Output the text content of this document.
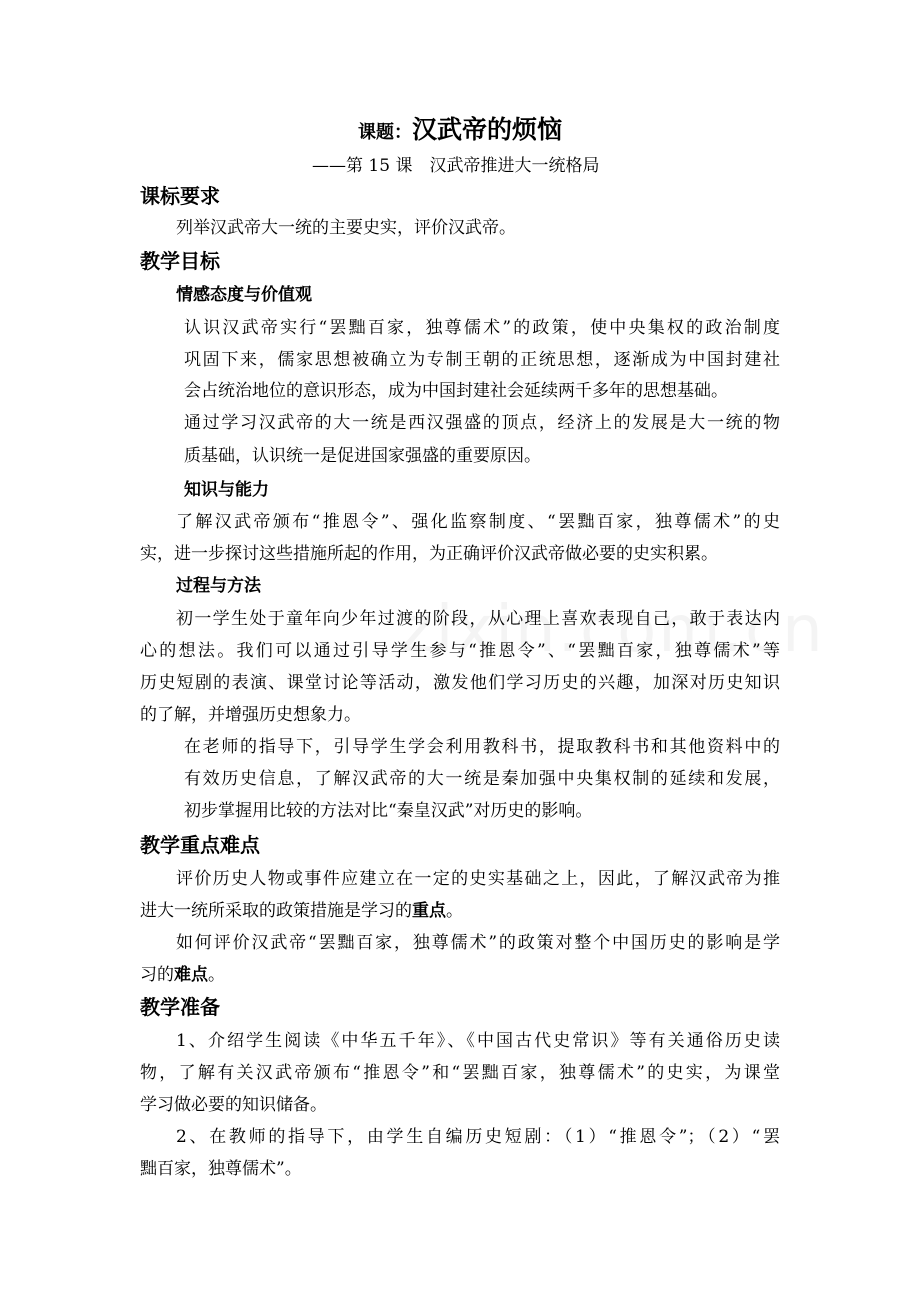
课题：汉武帝的烦恼
——第 15 课　汉武帝推进大一统格局
课标要求
列举汉武帝大一统的主要史实，评价汉武帝。
教学目标
情感态度与价值观
认识汉武帝实行“罢黜百家，独尊儒术”的政策，使中央集权的政治制度
巩固下来，儒家思想被确立为专制王朝的正统思想，逐渐成为中国封建社
会占统治地位的意识形态，成为中国封建社会延续两千多年的思想基础。
通过学习汉武帝的大一统是西汉强盛的顶点，经济上的发展是大一统的物
质基础，认识统一是促进国家强盛的重要原因。
知识与能力
了解汉武帝颁布“推恩令”、强化监察制度、“罢黜百家，独尊儒术”的史
实，进一步探讨这些措施所起的作用，为正确评价汉武帝做必要的史实积累。
过程与方法
初一学生处于童年向少年过渡的阶段，从心理上喜欢表现自己，敢于表达内
心的想法。我们可以通过引导学生参与“推恩令”、“罢黜百家，独尊儒术”等
历史短剧的表演、课堂讨论等活动，激发他们学习历史的兴趣，加深对历史知识
的了解，并增强历史想象力。
在老师的指导下，引导学生学会利用教科书，提取教科书和其他资料中的
有效历史信息，了解汉武帝的大一统是秦加强中央集权制的延续和发展，
初步掌握用比较的方法对比“秦皇汉武”对历史的影响。
教学重点难点
评价历史人物或事件应建立在一定的史实基础之上，因此，了解汉武帝为推
进大一统所采取的政策措施是学习的重点。
如何评价汉武帝“罢黜百家，独尊儒术”的政策对整个中国历史的影响是学
习的难点。
教学准备
1、介绍学生阅读《中华五千年》、《中国古代史常识》等有关通俗历史读
物，了解有关汉武帝颁布“推恩令”和“罢黜百家，独尊儒术”的史实，为课堂
学习做必要的知识储备。
2、在教师的指导下，由学生自编历史短剧：（1）“推恩令”；（2）“罢
黜百家，独尊儒术”。
